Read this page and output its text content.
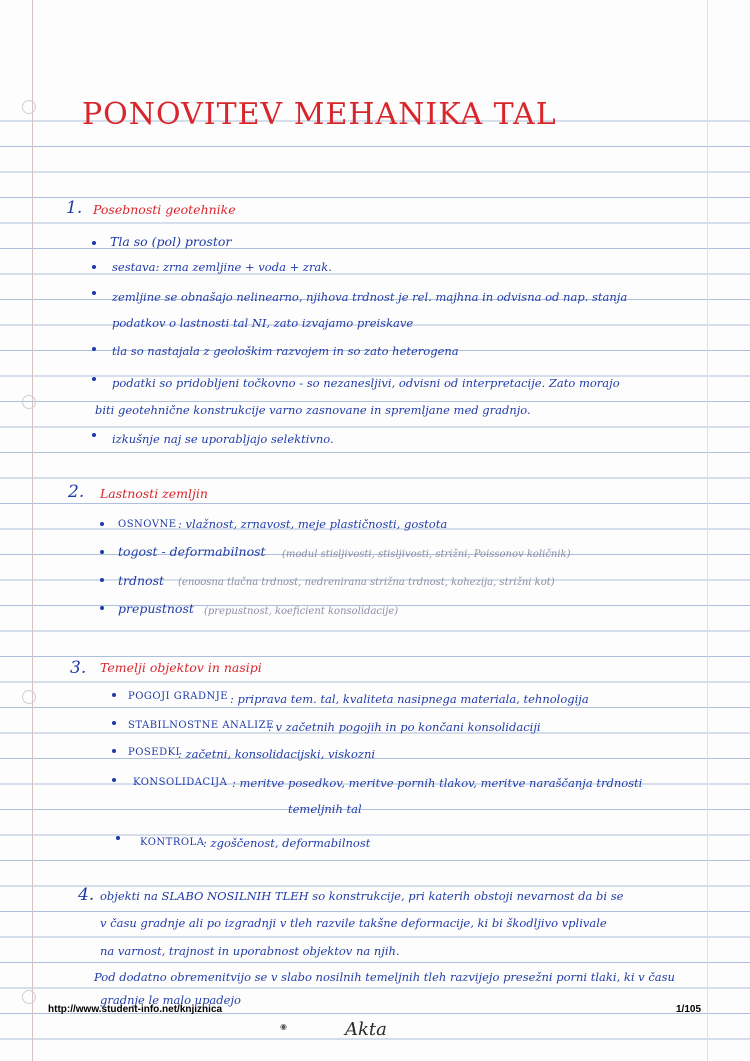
PONOVITEV MEHANIKA TAL
1. Posebnosti geotehnike
Tla so (pol) prostor
sestava: zrna zemljine + voda + zrak.
zemljine se obnašajo nelinearno, njihova trdnost je rel. majhna in odvisna od nap. stanja
podatkov o lastnosti tal NI, zato izvajamo preiskave
tla so nastajala z geološkim razvojem in so zato heterogena
podatki so pridobljeni točkovno - so nezanesljivi, odvisni od interpretacije. Zato morajo
biti geotehnične konstrukcije varno zasnovane in spremljane med gradnjo.
izkušnje naj se uporabljajo selektivno.
2. Lastnosti zemljin
OSNOVNE : vlažnost, zrnavost, meje plastičnosti, gostota
togost - deformabilnost (modul stisljivosti, stisljivosti, strižni, Poissonov količnik)
trdnost (enoosna tlačna trdnost, nedrenirana strižna trdnost, kohezija, strižni kot)
prepustnost (prepustnost, koeficient konsolidacije)
3. Temelji objektov in nasipi
POGOJI GRADNJE : priprava tem. tal, kvaliteta nasipnega materiala, tehnologija
STABILNOSTNE ANALIZE
: v začetnih pogojih in po končani konsolidaciji
POSEDKI
: začetni, konsolidacijski, viskozni
KONSOLIDACIJA : meritve posedkov, meritve pornih tlakov, meritve naraščanja trdnosti
temeljnih tal
KONTROLA
: zgoščenost, deformabilnost
4. objekti na SLABO NOSILNIH TLEH so konstrukcije, pri katerih obstoji nevarnost da bi se
v času gradnje ali po izgradnji v tleh razvile takšne deformacije, ki bi škodljivo vplivale
na varnost, trajnost in uporabnost objektov na njih.
Pod dodatno obremenitvijo se v slabo nosilnih temeljnih tleh razvijejo presežni porni tlaki, ki v času
gradnje le malo upadejo
http://www.student-info.net/knjiznica	1/105
◉	Akta
